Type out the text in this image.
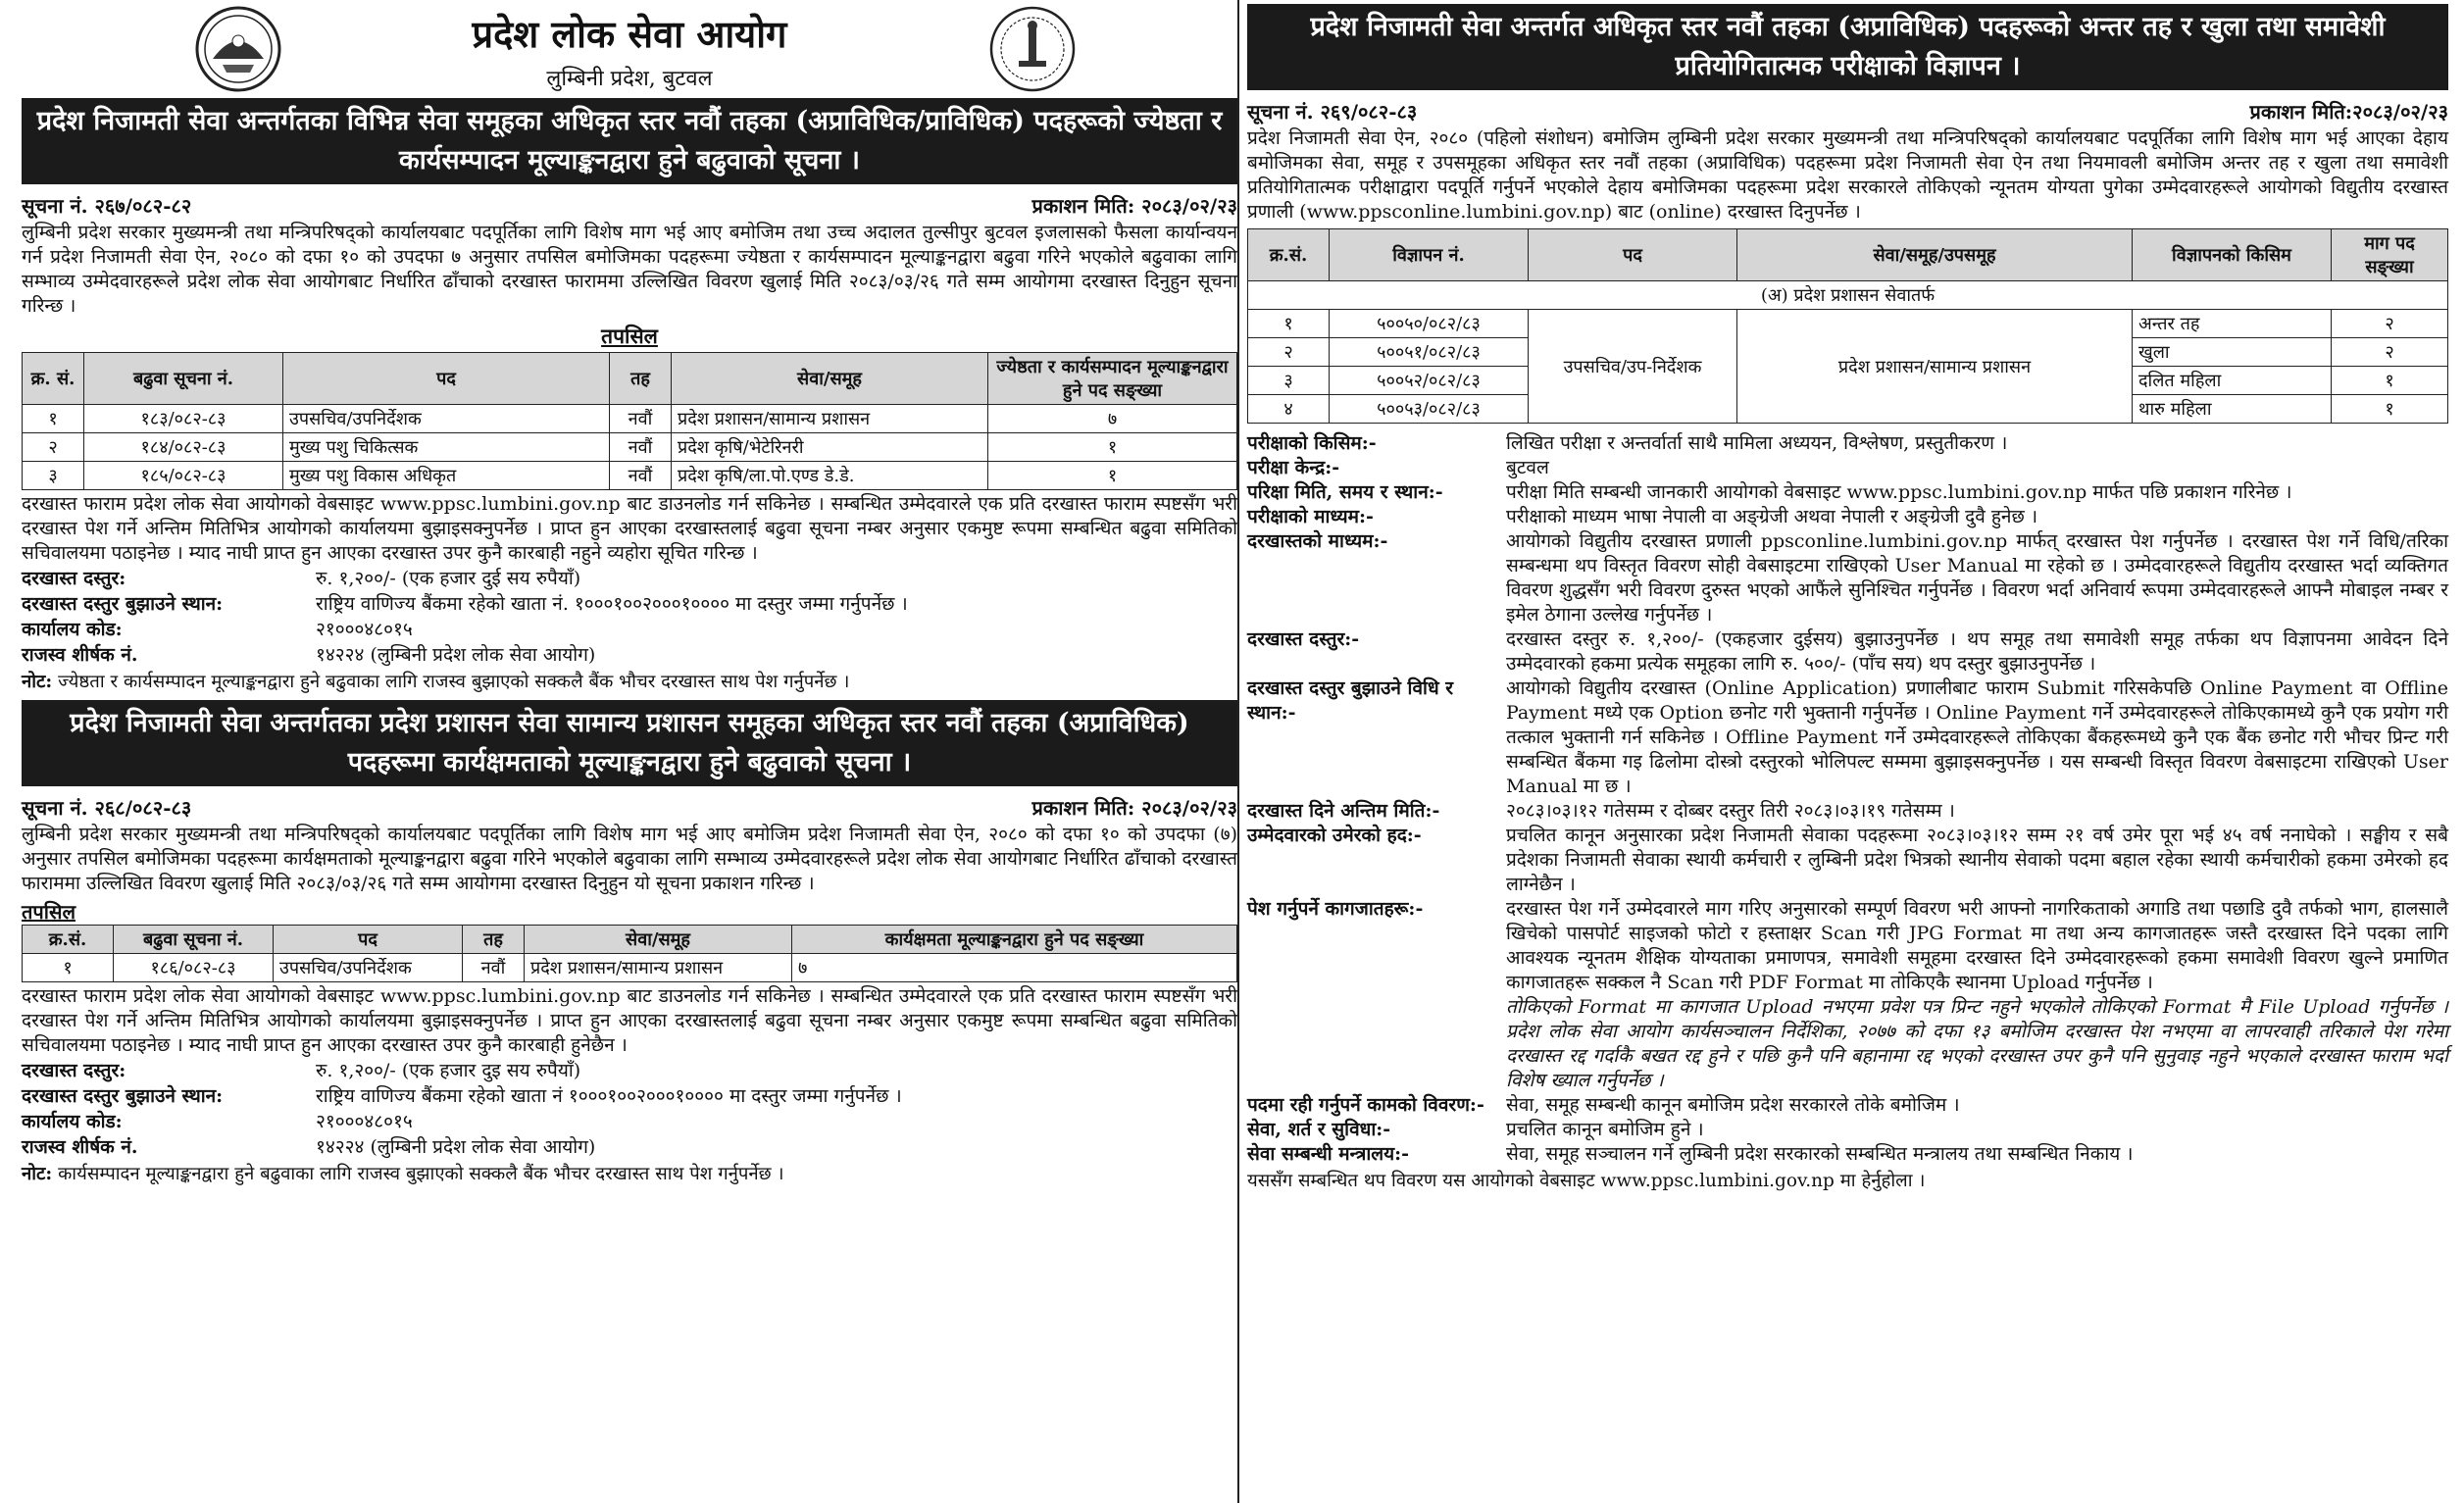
प्रदेश लोक सेवा आयोग
लुम्बिनी प्रदेश, बुटवल
प्रदेश निजामती सेवा अन्तर्गतका विभिन्न सेवा समूहका अधिकृत स्तर नवौं तहका (अप्राविधिक/प्राविधिक) पदहरूको ज्येष्ठता र कार्यसम्पादन मूल्याङ्कनद्वारा हुने बढुवाको सूचना ।
सूचना नं. २६७/०८२-८२	प्रकाशन मिति: २०८३/०२/२३

लुम्बिनी प्रदेश सरकार मुख्यमन्त्री तथा मन्त्रिपरिषद्को कार्यालयबाट पदपूर्तिका लागि विशेष माग भई आए बमोजिम तथा उच्च अदालत तुल्सीपुर बुटवल इजलासको फैसला कार्यान्वयन गर्न प्रदेश निजामती सेवा ऐन, २०८० को दफा १० को उपदफा ७ अनुसार तपसिल बमोजिमका पदहरूमा ज्येष्ठता र कार्यसम्पादन मूल्याङ्कनद्वारा बढुवा गरिने भएकोले बढुवाका लागि सम्भाव्य उम्मेदवारहरूले प्रदेश लोक सेवा आयोगबाट निर्धारित ढाँचाको दरखास्त फाराममा उल्लिखित विवरण खुलाई मिति २०८३/०३/२६ गते सम्म आयोगमा दरखास्त दिनुहुन सूचना गरिन्छ ।

तपसिल
क्र. सं.	बढुवा सूचना नं.	पद	तह	सेवा/समूह	ज्येष्ठता र कार्यसम्पादन मूल्याङ्कनद्वारा हुने पद सङ्ख्या
१	१८३/०८२-८३	उपसचिव/उपनिर्देशक	नवौं	प्रदेश प्रशासन/सामान्य प्रशासन	७
२	१८४/०८२-८३	मुख्य पशु चिकित्सक	नवौं	प्रदेश कृषि/भेटेरिनरी	१
३	१८५/०८२-८३	मुख्य पशु विकास अधिकृत	नवौं	प्रदेश कृषि/ला.पो.एण्ड डे.डे.	१

दरखास्त फाराम प्रदेश लोक सेवा आयोगको वेबसाइट www.ppsc.lumbini.gov.np बाट डाउनलोड गर्न सकिनेछ । सम्बन्धित उम्मेदवारले एक प्रति दरखास्त फाराम स्पष्टसँग भरी दरखास्त पेश गर्ने अन्तिम मितिभित्र आयोगको कार्यालयमा बुझाइसक्नुपर्नेछ । प्राप्त हुन आएका दरखास्तलाई बढुवा सूचना नम्बर अनुसार एकमुष्ट रूपमा सम्बन्धित बढुवा समितिको सचिवालयमा पठाइनेछ । म्याद नाघी प्राप्त हुन आएका दरखास्त उपर कुनै कारबाही नहुने व्यहोरा सूचित गरिन्छ ।

दरखास्त दस्तुर:	रु. १,२००/- (एक हजार दुई सय रुपैयाँ)
दरखास्त दस्तुर बुझाउने स्थान:	राष्ट्रिय वाणिज्य बैंकमा रहेको खाता नं. १०००१००२०००१०००० मा दस्तुर जम्मा गर्नुपर्नेछ ।
कार्यालय कोड:	२१०००४८०१५
राजस्व शीर्षक नं.	१४२२४ (लुम्बिनी प्रदेश लोक सेवा आयोग)
नोट: ज्येष्ठता र कार्यसम्पादन मूल्याङ्कनद्वारा हुने बढुवाका लागि राजस्व बुझाएको सक्कलै बैंक भौचर दरखास्त साथ पेश गर्नुपर्नेछ ।
प्रदेश निजामती सेवा अन्तर्गतका प्रदेश प्रशासन सेवा सामान्य प्रशासन समूहका अधिकृत स्तर नवौं तहका (अप्राविधिक) पदहरूमा कार्यक्षमताको मूल्याङ्कनद्वारा हुने बढुवाको सूचना ।
सूचना नं. २६८/०८२-८३	प्रकाशन मिति: २०८३/०२/२३

लुम्बिनी प्रदेश सरकार मुख्यमन्त्री तथा मन्त्रिपरिषद्को कार्यालयबाट पदपूर्तिका लागि विशेष माग भई आए बमोजिम प्रदेश निजामती सेवा ऐन, २०८० को दफा १० को उपदफा (७) अनुसार तपसिल बमोजिमका पदहरूमा कार्यक्षमताको मूल्याङ्कनद्वारा बढुवा गरिने भएकोले बढुवाका लागि सम्भाव्य उम्मेदवारहरूले प्रदेश लोक सेवा आयोगबाट निर्धारित ढाँचाको दरखास्त फाराममा उल्लिखित विवरण खुलाई मिति २०८३/०३/२६ गते सम्म आयोगमा दरखास्त दिनुहुन यो सूचना प्रकाशन गरिन्छ ।

तपसिल
क्र.सं.	बढुवा सूचना नं.	पद	तह	सेवा/समूह	कार्यक्षमता मूल्याङ्कनद्वारा हुने पद सङ्ख्या
१	१८६/०८२-८३	उपसचिव/उपनिर्देशक	नवौं	प्रदेश प्रशासन/सामान्य प्रशासन	७

दरखास्त फाराम प्रदेश लोक सेवा आयोगको वेबसाइट www.ppsc.lumbini.gov.np बाट डाउनलोड गर्न सकिनेछ । सम्बन्धित उम्मेदवारले एक प्रति दरखास्त फाराम स्पष्टसँग भरी दरखास्त पेश गर्ने अन्तिम मितिभित्र आयोगको कार्यालयमा बुझाइसक्नुपर्नेछ । प्राप्त हुन आएका दरखास्तलाई बढुवा सूचना नम्बर अनुसार एकमुष्ट रूपमा सम्बन्धित बढुवा समितिको सचिवालयमा पठाइनेछ । म्याद नाघी प्राप्त हुन आएका दरखास्त उपर कुनै कारबाही हुनेछैन ।

दरखास्त दस्तुर:	रु. १,२००/- (एक हजार दुइ सय रुपैयाँ)
दरखास्त दस्तुर बुझाउने स्थान:	राष्ट्रिय वाणिज्य बैंकमा रहेको खाता नं १०००१००२०००१०००० मा दस्तुर जम्मा गर्नुपर्नेछ ।
कार्यालय कोड:	२१०००४८०१५
राजस्व शीर्षक नं.	१४२२४ (लुम्बिनी प्रदेश लोक सेवा आयोग)
नोट: कार्यसम्पादन मूल्याङ्कनद्वारा हुने बढुवाका लागि राजस्व बुझाएको सक्कलै बैंक भौचर दरखास्त साथ पेश गर्नुपर्नेछ ।
प्रदेश निजामती सेवा अन्तर्गत अधिकृत स्तर नवौं तहका (अप्राविधिक) पदहरूको अन्तर तह र खुला तथा समावेशी प्रतियोगितात्मक परीक्षाको विज्ञापन ।
सूचना नं. २६९/०८२-८३	प्रकाशन मिति:२०८३/०२/२३

प्रदेश निजामती सेवा ऐन, २०८० (पहिलो संशोधन) बमोजिम लुम्बिनी प्रदेश सरकार मुख्यमन्त्री तथा मन्त्रिपरिषद्को कार्यालयबाट पदपूर्तिका लागि विशेष माग भई आएका देहाय बमोजिमका सेवा, समूह र उपसमूहका अधिकृत स्तर नवौं तहका (अप्राविधिक) पदहरूमा प्रदेश निजामती सेवा ऐन तथा नियमावली बमोजिम अन्तर तह र खुला तथा समावेशी प्रतियोगितात्मक परीक्षाद्वारा पदपूर्ति गर्नुपर्ने भएकोले देहाय बमोजिमका पदहरूमा प्रदेश सरकारले तोकिएको न्यूनतम योग्यता पुगेका उम्मेदवारहरूले आयोगको विद्युतीय दरखास्त प्रणाली (www.ppsconline.lumbini.gov.np) बाट (online) दरखास्त दिनुपर्नेछ ।

क्र.सं.	विज्ञापन नं.	पद	सेवा/समूह/उपसमूह	विज्ञापनको किसिम	माग पद सङ्ख्या
(अ) प्रदेश प्रशासन सेवातर्फ					
१	५००५०/०८२/८३	उपसचिव/उप-निर्देशक	प्रदेश प्रशासन/सामान्य प्रशासन	अन्तर तह	२
२	५००५१/०८२/८३			खुला	२
३	५००५२/०८२/८३			दलित महिला	१
४	५००५३/०८२/८३			थारु महिला	१
परीक्षाको किसिम:-	लिखित परीक्षा र अन्तर्वार्ता साथै मामिला अध्ययन, विश्लेषण, प्रस्तुतीकरण ।
परीक्षा केन्द्र:-	बुटवल
परिक्षा मिति, समय र स्थान:-	परीक्षा मिति सम्बन्धी जानकारी आयोगको वेबसाइट www.ppsc.lumbini.gov.np मार्फत पछि प्रकाशन गरिनेछ ।
परीक्षाको माध्यम:-	परीक्षाको माध्यम भाषा नेपाली वा अङ्ग्रेजी अथवा नेपाली र अङ्ग्रेजी दुवै हुनेछ ।
दरखास्तको माध्यम:-	आयोगको विद्युतीय दरखास्त प्रणाली ppsconline.lumbini.gov.np मार्फत् दरखास्त पेश गर्नुपर्नेछ । दरखास्त पेश गर्ने विधि/तरिका सम्बन्धमा थप विस्तृत विवरण सोही वेबसाइटमा राखिएको User Manual मा रहेको छ । उम्मेदवारहरूले विद्युतीय दरखास्त भर्दा व्यक्तिगत विवरण शुद्धसँग भरी विवरण दुरुस्त भएको आफैंले सुनिश्चित गर्नुपर्नेछ । विवरण भर्दा अनिवार्य रूपमा उम्मेदवारहरूले आफ्नै मोबाइल नम्बर र इमेल ठेगाना उल्लेख गर्नुपर्नेछ ।
दरखास्त दस्तुर:-	दरखास्त दस्तुर रु. १,२००/- (एकहजार दुईसय) बुझाउनुपर्नेछ । थप समूह तथा समावेशी समूह तर्फका थप विज्ञापनमा आवेदन दिने उम्मेदवारको हकमा प्रत्येक समूहका लागि रु. ५००/- (पाँच सय) थप दस्तुर बुझाउनुपर्नेछ ।
दरखास्त दस्तुर बुझाउने विधि र स्थान:-
आयोगको विद्युतीय दरखास्त (Online Application) प्रणालीबाट फाराम Submit गरिसकेपछि Online Payment वा Offline Payment मध्ये एक Option छनोट गरी भुक्तानी गर्नुपर्नेछ । Online Payment गर्ने उम्मेदवारहरूले तोकिएकामध्ये कुनै एक प्रयोग गरी तत्काल भुक्तानी गर्न सकिनेछ । Offline Payment गर्ने उम्मेदवारहरूले तोकिएका बैंकहरूमध्ये कुनै एक बैंक छनोट गरी भौचर प्रिन्ट गरी सम्बन्धित बैंकमा गइ ढिलोमा दोस्त्रो दस्तुरको भोलिपल्ट सम्ममा बुझाइसक्नुपर्नेछ । यस सम्बन्धी विस्तृत विवरण वेबसाइटमा राखिएको User Manual मा छ ।
दरखास्त दिने अन्तिम मिति:-	२०८३।०३।१२ गतेसम्म र दोब्बर दस्तुर तिरी २०८३।०३।१९ गतेसम्म ।
उम्मेदवारको उमेरको हद:-	प्रचलित कानून अनुसारका प्रदेश निजामती सेवाका पदहरूमा २०८३।०३।१२ सम्म २१ वर्ष उमेर पूरा भई ४५ वर्ष ननाघेको । सङ्घीय र सबै प्रदेशका निजामती सेवाका स्थायी कर्मचारी र लुम्बिनी प्रदेश भित्रको स्थानीय सेवाको पदमा बहाल रहेका स्थायी कर्मचारीको हकमा उमेरको हद लाग्नेछैन ।
पेश गर्नुपर्ने कागजातहरू:-	दरखास्त पेश गर्ने उम्मेदवारले माग गरिए अनुसारको सम्पूर्ण विवरण भरी आफ्नो नागरिकताको अगाडि तथा पछाडि दुवै तर्फको भाग, हालसालै खिचेको पासपोर्ट साइजको फोटो र हस्ताक्षर Scan गरी JPG Format मा तथा अन्य कागजातहरू जस्तै दरखास्त दिने पदका लागि आवश्यक न्यूनतम शैक्षिक योग्यताका प्रमाणपत्र, समावेशी समूहमा दरखास्त दिने उम्मेदवारहरूको हकमा समावेशी विवरण खुल्ने प्रमाणित कागजातहरू सक्कल नै Scan गरी PDF Format मा तोकिएकै स्थानमा Upload गर्नुपर्नेछ ।
तोकिएको Format मा कागजात Upload नभएमा प्रवेश पत्र प्रिन्ट नहुने भएकोले तोकिएको Format मै File Upload गर्नुपर्नेछ । प्रदेश लोक सेवा आयोग कार्यसञ्चालन निर्देशिका, २०७७ को दफा १३ बमोजिम दरखास्त पेश नभएमा वा लापरवाही तरिकाले पेश गरेमा दरखास्त रद्द गर्दाकै बखत रद्द हुने र पछि कुनै पनि बहानामा रद्द भएको दरखास्त उपर कुनै पनि सुनुवाइ नहुने भएकाले दरखास्त फाराम भर्दा विशेष ख्याल गर्नुपर्नेछ ।
पदमा रही गर्नुपर्ने कामको विवरण:-	सेवा, समूह सम्बन्धी कानून बमोजिम प्रदेश सरकारले तोके बमोजिम ।
सेवा, शर्त र सुविधा:-	प्रचलित कानून बमोजिम हुने ।
सेवा सम्बन्धी मन्त्रालय:-	सेवा, समूह सञ्चालन गर्ने लुम्बिनी प्रदेश सरकारको सम्बन्धित मन्त्रालय तथा सम्बन्धित निकाय ।
यससँग सम्बन्धित थप विवरण यस आयोगको वेबसाइट www.ppsc.lumbini.gov.np मा हेर्नुहोला ।
